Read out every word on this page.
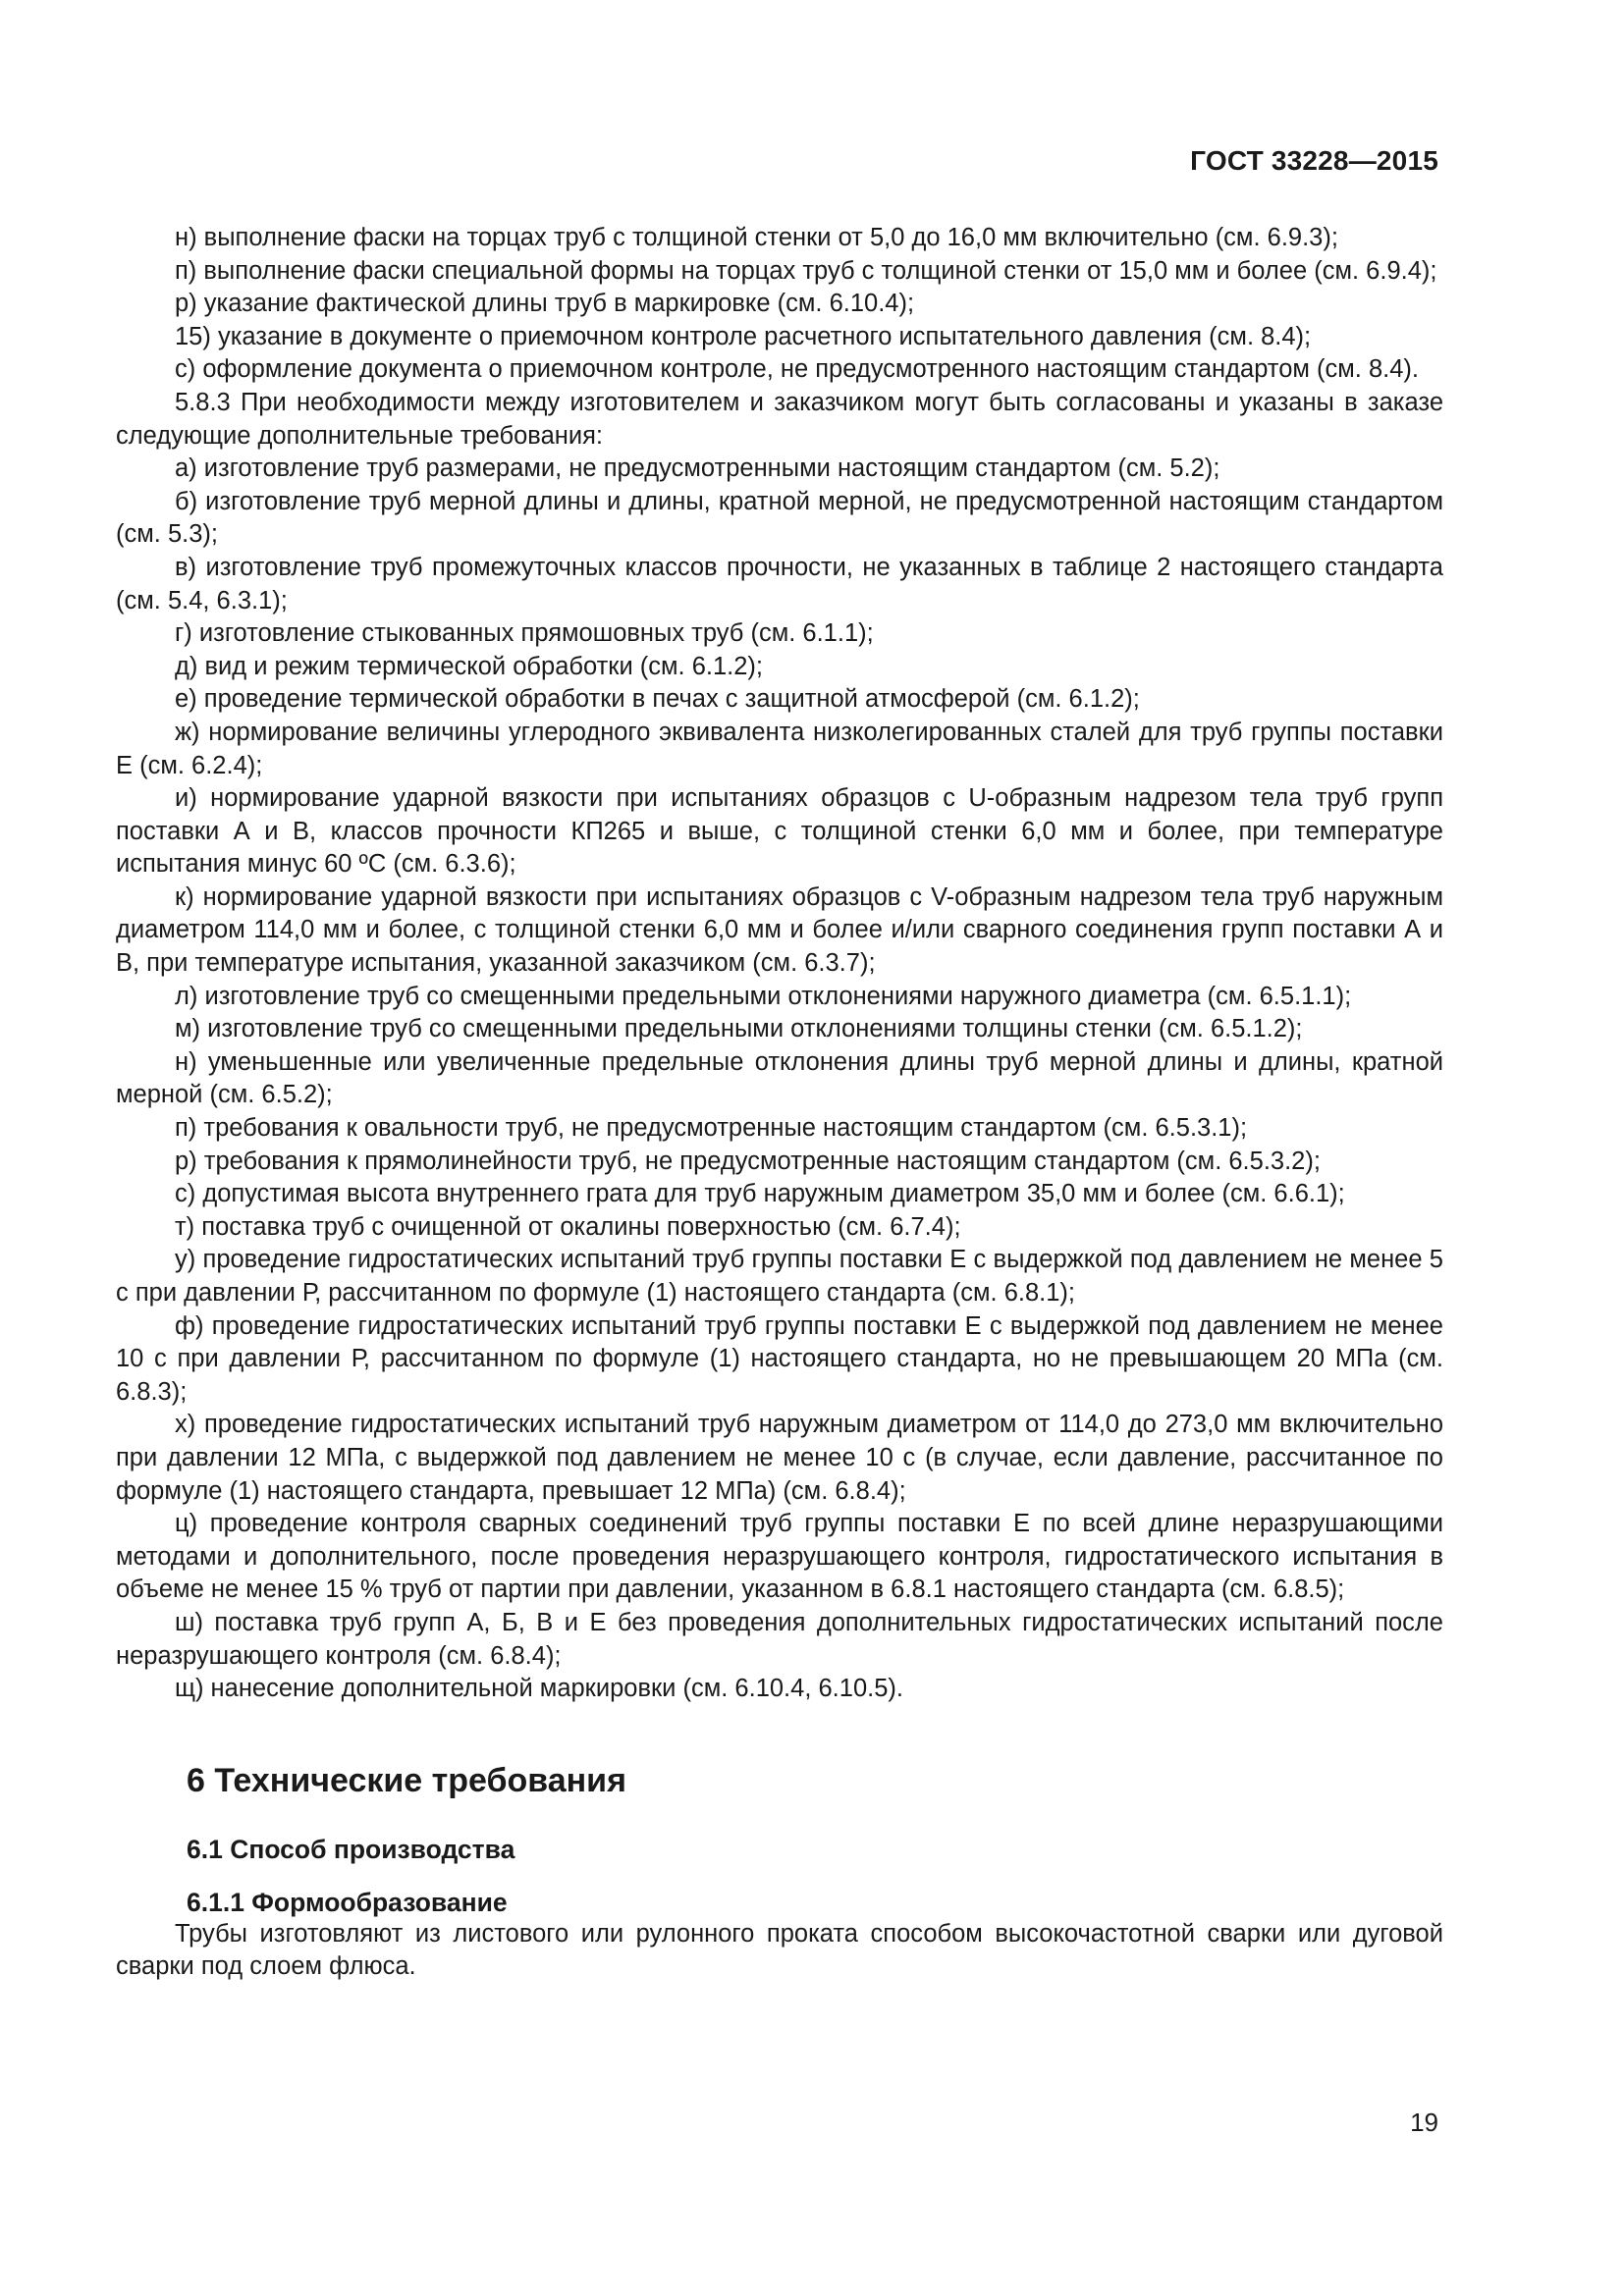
ГОСТ 33228—2015

н) выполнение фаски на торцах труб с толщиной стенки от 5,0 до 16,0 мм включительно (см. 6.9.3);

п) выполнение фаски специальной формы на торцах труб с толщиной стенки от 15,0 мм и более (см. 6.9.4);

р) указание фактической длины труб в маркировке (см. 6.10.4);

15) указание в документе о приемочном контроле расчетного испытательного давления (см. 8.4);

с) оформление документа о приемочном контроле, не предусмотренного настоящим стандартом (см. 8.4).

5.8.3 При необходимости между изготовителем и заказчиком могут быть согласованы и указаны в заказе следующие дополнительные требования:

а) изготовление труб размерами, не предусмотренными настоящим стандартом (см. 5.2);

б) изготовление труб мерной длины и длины, кратной мерной, не предусмотренной настоящим стандартом (см. 5.3);

в) изготовление труб промежуточных классов прочности, не указанных в таблице 2 настоящего стандарта (см. 5.4, 6.3.1);

г) изготовление стыкованных прямошовных труб (см. 6.1.1);

д) вид и режим термической обработки (см. 6.1.2);

е) проведение термической обработки в печах с защитной атмосферой (см. 6.1.2);

ж) нормирование величины углеродного эквивалента низколегированных сталей для труб группы поставки Е (см. 6.2.4);

и) нормирование ударной вязкости при испытаниях образцов с U-образным надрезом тела труб групп поставки А и В, классов прочности КП265 и выше, с толщиной стенки 6,0 мм и более, при температуре испытания минус 60 ºС (см. 6.3.6);

к) нормирование ударной вязкости при испытаниях образцов с V-образным надрезом тела труб наружным диаметром 114,0 мм и более, с толщиной стенки 6,0 мм и более и/или сварного соединения групп поставки А и В, при температуре испытания, указанной заказчиком (см. 6.3.7);

л) изготовление труб со смещенными предельными отклонениями наружного диаметра (см. 6.5.1.1);

м) изготовление труб со смещенными предельными отклонениями толщины стенки (см. 6.5.1.2);

н) уменьшенные или увеличенные предельные отклонения длины труб мерной длины и длины, кратной мерной (см. 6.5.2);

п) требования к овальности труб, не предусмотренные настоящим стандартом (см. 6.5.3.1);

р) требования к прямолинейности труб, не предусмотренные настоящим стандартом (см. 6.5.3.2);

с) допустимая высота внутреннего грата для труб наружным диаметром 35,0 мм и более (см. 6.6.1);

т) поставка труб с очищенной от окалины поверхностью (см. 6.7.4);

у) проведение гидростатических испытаний труб группы поставки Е с выдержкой под давлением не менее 5 с при давлении Р, рассчитанном по формуле (1) настоящего стандарта (см. 6.8.1);

ф) проведение гидростатических испытаний труб группы поставки Е с выдержкой под давлением не менее 10 с при давлении Р, рассчитанном по формуле (1) настоящего стандарта, но не превышающем 20 МПа (см. 6.8.3);

х) проведение гидростатических испытаний труб наружным диаметром от 114,0 до 273,0 мм включительно при давлении 12 МПа, с выдержкой под давлением не менее 10 с (в случае, если давление, рассчитанное по формуле (1) настоящего стандарта, превышает 12 МПа) (см. 6.8.4);

ц) проведение контроля сварных соединений труб группы поставки Е по всей длине неразрушающими методами и дополнительного, после проведения неразрушающего контроля, гидростатического испытания в объеме не менее 15 % труб от партии при давлении, указанном в 6.8.1 настоящего стандарта (см. 6.8.5);

ш) поставка труб групп А, Б, В и Е без проведения дополнительных гидростатических испытаний после неразрушающего контроля (см. 6.8.4);

щ) нанесение дополнительной маркировки (см. 6.10.4, 6.10.5).

6 Технические требования
6.1 Способ производства
6.1.1 Формообразование

Трубы изготовляют из листового или рулонного проката способом высокочастотной сварки или дуговой сварки под слоем флюса.

19
